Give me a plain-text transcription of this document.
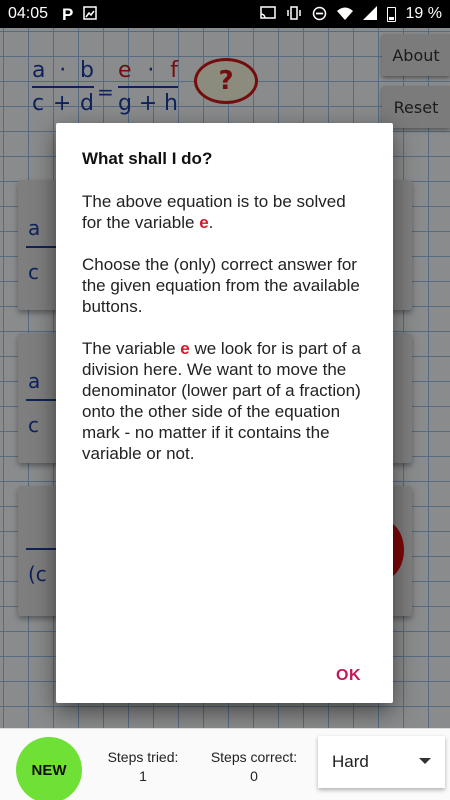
04:05 P	19 %
a · b
c + d =
e · f
g + h
?
About
Reset
a
c
a
c
(c
What shall I do?

The above equation is to be solved for the variable e.

Choose the (only) correct answer for the given equation from the available buttons.

The variable e we look for is part of a division here. We want to move the denominator (lower part of a fraction) onto the other side of the equation mark - no matter if it contains the variable or not.

OK
NEW
Steps tried:
1
Steps correct:
0
Hard
